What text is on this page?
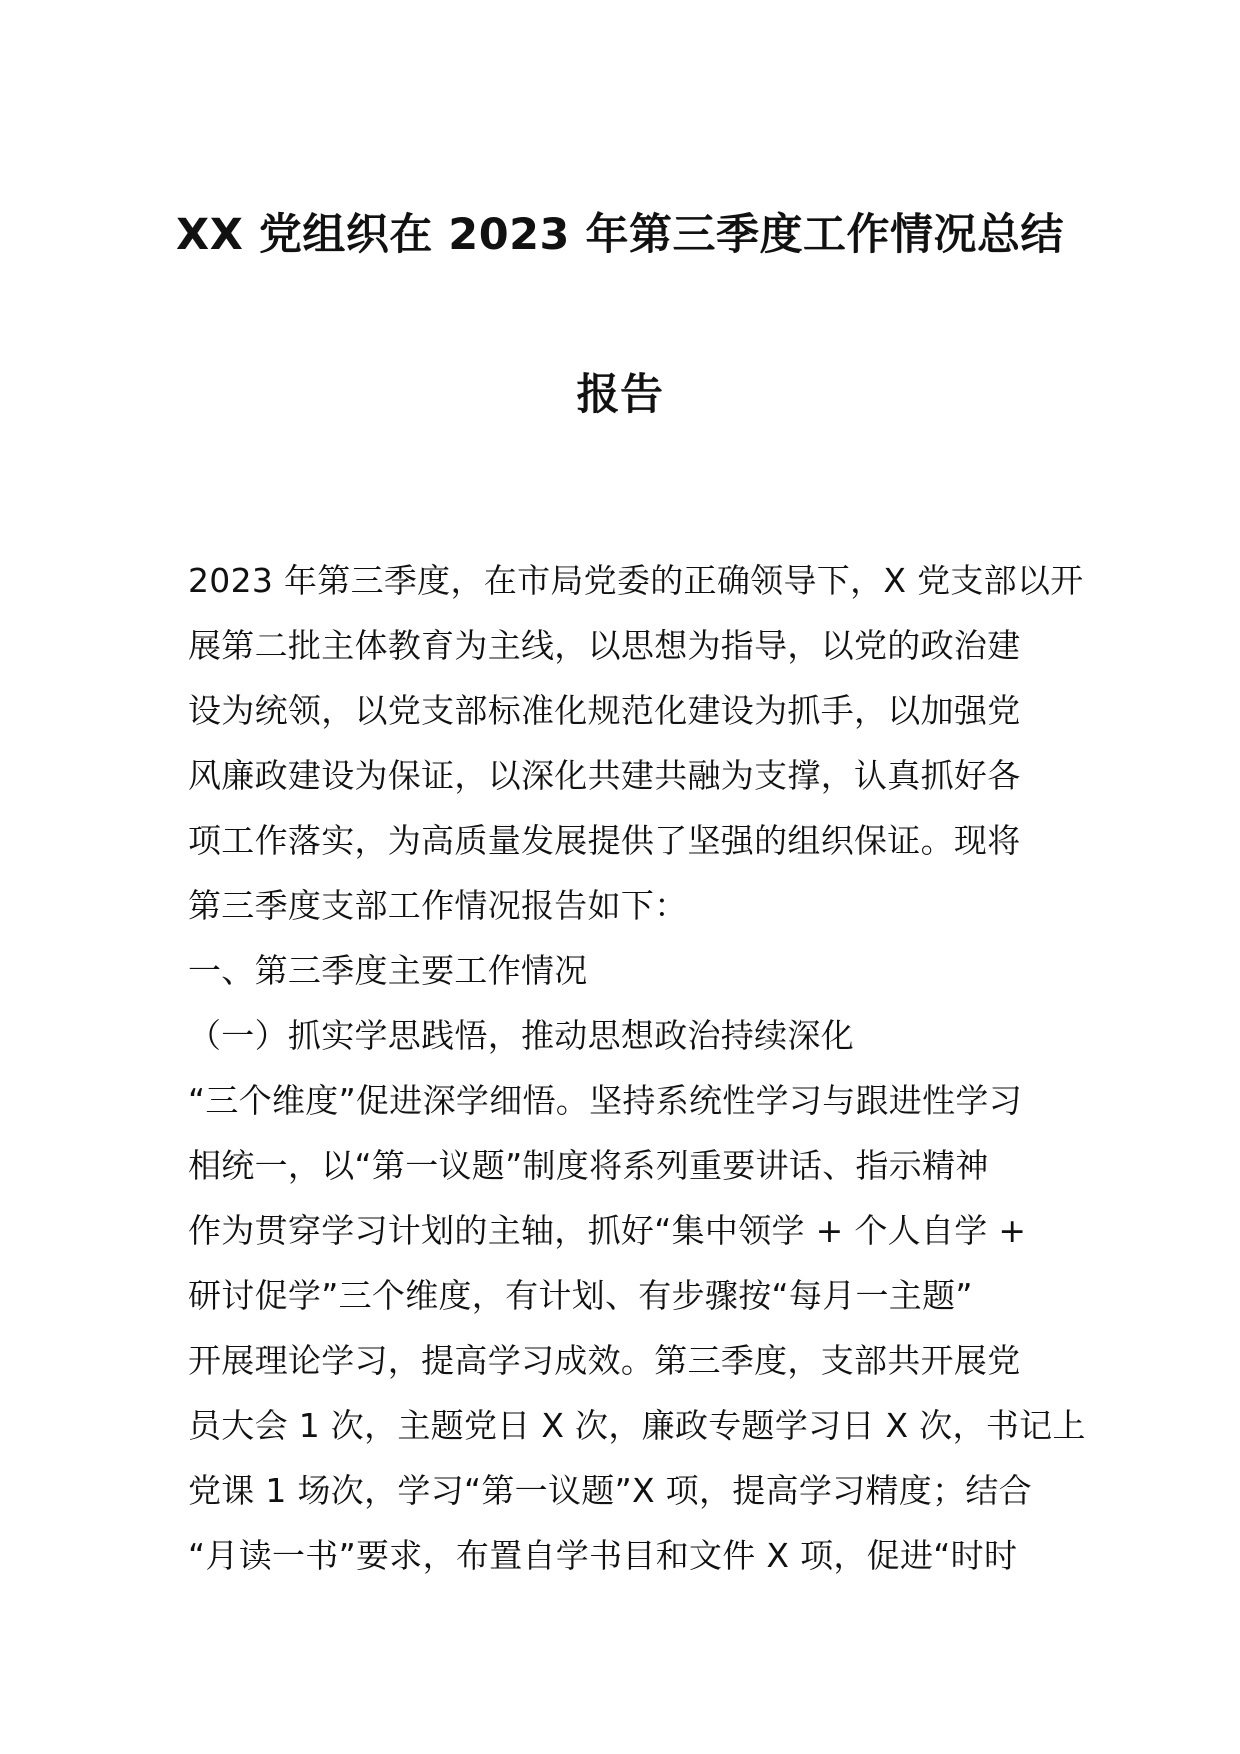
XX 党组织在 2023 年第三季度工作情况总结
报告
2023 年第三季度，在市局党委的正确领导下，X 党支部以开
展第二批主体教育为主线，以思想为指导，以党的政治建
设为统领，以党支部标准化规范化建设为抓手，以加强党
风廉政建设为保证，以深化共建共融为支撑，认真抓好各
项工作落实，为高质量发展提供了坚强的组织保证。现将
第三季度支部工作情况报告如下：
一、第三季度主要工作情况
（一）抓实学思践悟，推动思想政治持续深化
“三个维度”促进深学细悟。坚持系统性学习与跟进性学习
相统一，以“第一议题”制度将系列重要讲话、指示精神
作为贯穿学习计划的主轴，抓好“集中领学 + 个人自学 +
研讨促学”三个维度，有计划、有步骤按“每月一主题”
开展理论学习，提高学习成效。第三季度，支部共开展党
员大会 1 次，主题党日 X 次，廉政专题学习日 X 次，书记上
党课 1 场次，学习“第一议题”X 项，提高学习精度；结合
“月读一书”要求，布置自学书目和文件 X 项，促进“时时
